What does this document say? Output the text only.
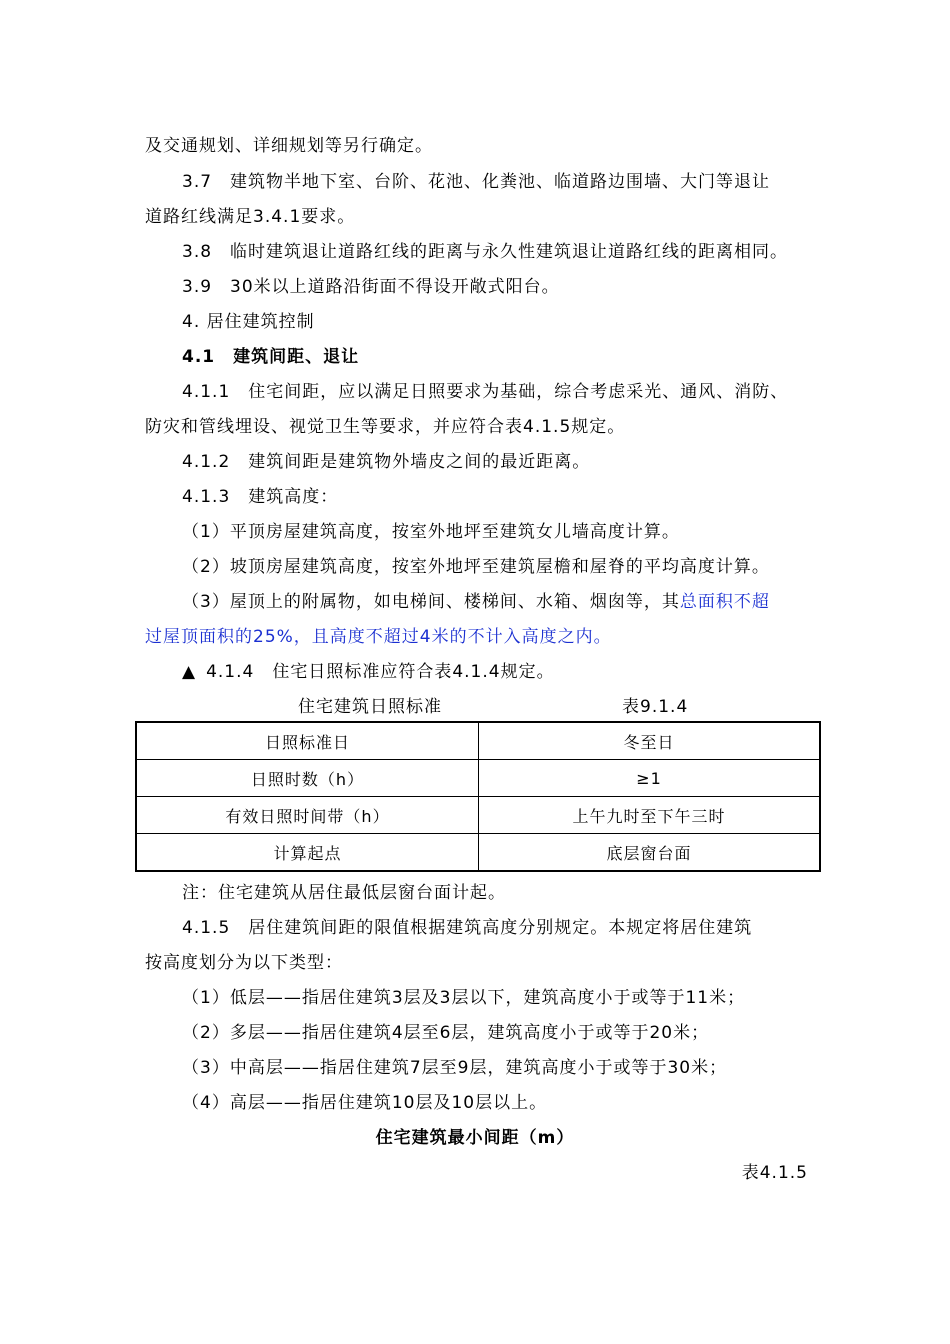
及交通规划、详细规划等另行确定。
3.7　建筑物半地下室、台阶、花池、化粪池、临道路边围墙、大门等退让
道路红线满足3.4.1要求。
3.8　临时建筑退让道路红线的距离与永久性建筑退让道路红线的距离相同。
3.9　30米以上道路沿街面不得设开敞式阳台。
4. 居住建筑控制
4.1　建筑间距、退让
4.1.1　住宅间距，应以满足日照要求为基础，综合考虑采光、通风、消防、
防灾和管线埋设、视觉卫生等要求，并应符合表4.1.5规定。
4.1.2　建筑间距是建筑物外墙皮之间的最近距离。
4.1.3　建筑高度：
（1）平顶房屋建筑高度，按室外地坪至建筑女儿墙高度计算。
（2）坡顶房屋建筑高度，按室外地坪至建筑屋檐和屋脊的平均高度计算。
（3）屋顶上的附属物，如电梯间、楼梯间、水箱、烟囱等，其总面积不超
过屋顶面积的25%，且高度不超过4米的不计入高度之内。
▲ 4.1.4　住宅日照标准应符合表4.1.4规定。
住宅建筑日照标准	表9.1.4
日照标准日	冬至日
日照时数（h）	≥1
有效日照时间带（h）	上午九时至下午三时
计算起点	底层窗台面
注：住宅建筑从居住最低层窗台面计起。
4.1.5　居住建筑间距的限值根据建筑高度分别规定。本规定将居住建筑
按高度划分为以下类型：
（1）低层——指居住建筑3层及3层以下，建筑高度小于或等于11米；
（2）多层——指居住建筑4层至6层，建筑高度小于或等于20米；
（3）中高层——指居住建筑7层至9层，建筑高度小于或等于30米；
（4）高层——指居住建筑10层及10层以上。
住宅建筑最小间距（m）
表4.1.5
